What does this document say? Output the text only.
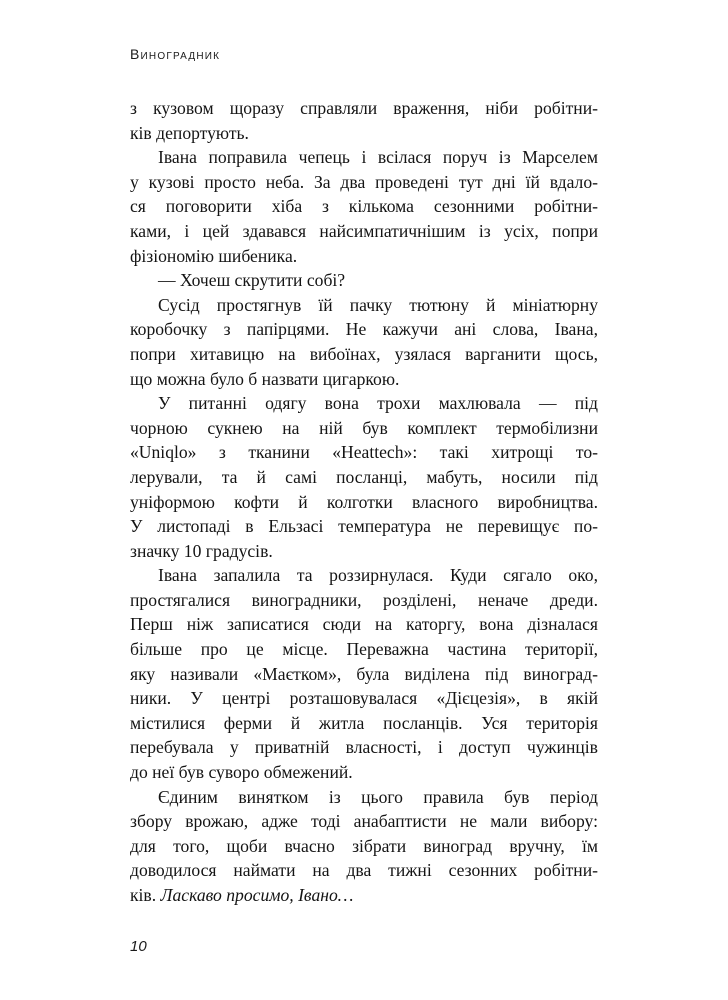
Виноградник
з кузовом щоразу справляли враження, ніби робітни-
ків депортують.
Івана поправила чепець і всілася поруч із Марселем
у кузові просто неба. За два проведені тут дні їй вдало-
ся поговорити хіба з кількома сезонними робітни-
ками, і цей здавався найсимпатичнішим із усіх, попри
фізіономію шибеника.
— Хочеш скрутити собі?
Сусід простягнув їй пачку тютюну й мініатюрну
коробочку з папірцями. Не кажучи ані слова, Івана,
попри хитавицю на вибоїнах, узялася варганити щось,
що можна було б назвати цигаркою.
У питанні одягу вона трохи махлювала — під
чорною сукнею на ній був комплект термобілизни
«Uniqlo» з тканини «Heattech»: такі хитрощі то-
лерували, та й самі посланці, мабуть, носили під
уніформою кофти й колготки власного виробництва.
У листопаді в Ельзасі температура не перевищує по-
значку 10 градусів.
Івана запалила та роззирнулася. Куди сягало око,
простягалися виноградники, розділені, неначе дреди.
Перш ніж записатися сюди на каторгу, вона дізналася
більше про це місце. Переважна частина території,
яку називали «Маєтком», була виділена під виноград-
ники. У центрі розташовувалася «Дієцезія», в якій
містилися ферми й житла посланців. Уся територія
перебувала у приватній власності, і доступ чужинців
до неї був суворо обмежений.
Єдиним винятком із цього правила був період
збору врожаю, адже тоді анабаптисти не мали вибору:
для того, щоби вчасно зібрати виноград вручну, їм
доводилося наймати на два тижні сезонних робітни-
ків. Ласкаво просимо, Івано…
10
